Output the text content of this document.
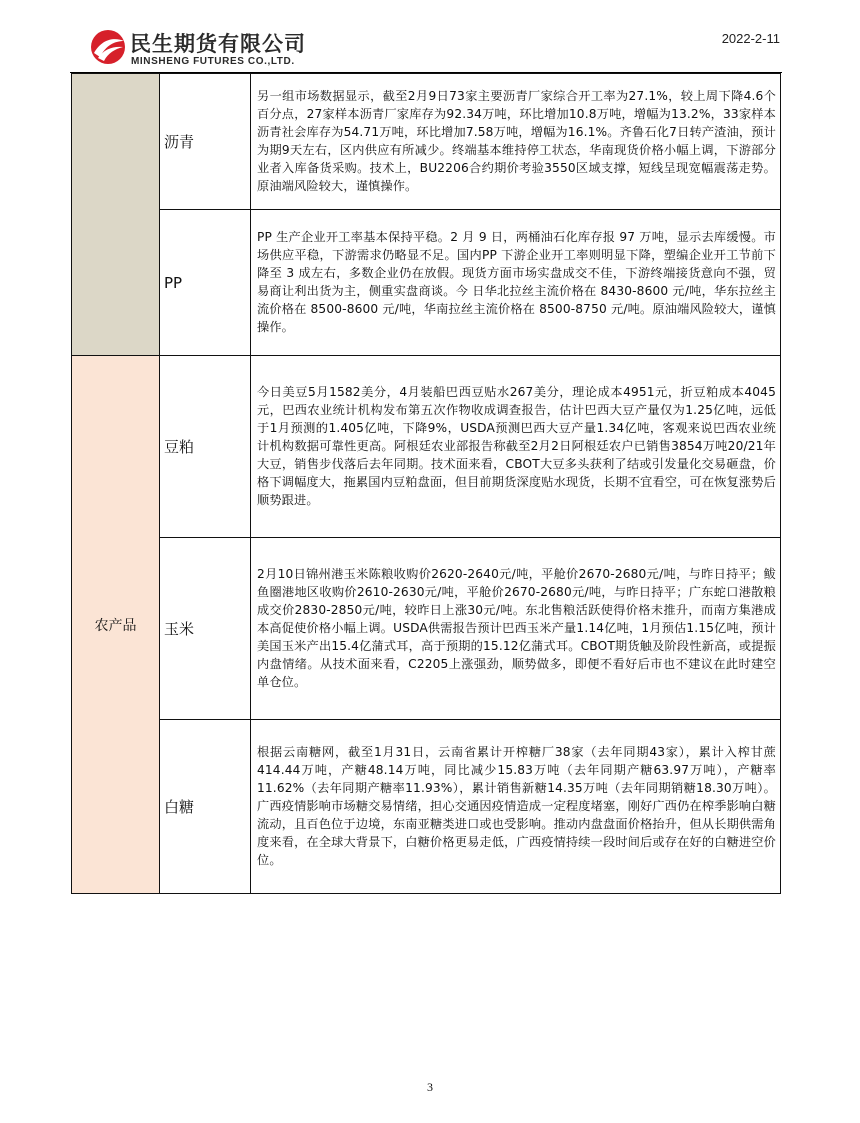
民生期货有限公司
MINSHENG FUTURES CO.,LTD.
2022-2-11
	沥青	另一组市场数据显示，截至2月9日73家主要沥青厂家综合开工率为27.1%，较上周下降4.6个百分点，27家样本沥青厂家库存为92.34万吨，环比增加10.8万吨，增幅为13.2%，33家样本沥青社会库存为54.71万吨，环比增加7.58万吨，增幅为16.1%。齐鲁石化7日转产渣油，预计为期9天左右，区内供应有所减少。终端基本维持停工状态，华南现货价格小幅上调，下游部分业者入库备货采购。技术上，BU2206合约期价考验3550区域支撑，短线呈现宽幅震荡走势。原油端风险较大，谨慎操作。
	PP	PP 生产企业开工率基本保持平稳。2 月 9 日，两桶油石化库存报 97 万吨，显示去库缓慢。市场供应平稳，下游需求仍略显不足。国内PP 下游企业开工率则明显下降，塑编企业开工节前下降至 3 成左右，多数企业仍在放假。现货方面市场实盘成交不佳，下游终端接货意向不强，贸易商让利出货为主，侧重实盘商谈。今 日华北拉丝主流价格在 8430-8600 元/吨，华东拉丝主流价格在 8500-8600 元/吨，华南拉丝主流价格在 8500-8750 元/吨。原油端风险较大，谨慎操作。
农产品	豆粕	今日美豆5月1582美分，4月装船巴西豆贴水267美分，理论成本4951元，折豆粕成本4045元，巴西农业统计机构发布第五次作物收成调查报告，估计巴西大豆产量仅为1.25亿吨，远低于1月预测的1.405亿吨，下降9%，USDA预测巴西大豆产量1.34亿吨，客观来说巴西农业统计机构数据可靠性更高。阿根廷农业部报告称截至2月2日阿根廷农户已销售3854万吨20/21年大豆，销售步伐落后去年同期。技术面来看，CBOT大豆多头获利了结或引发量化交易砸盘，价格下调幅度大，拖累国内豆粕盘面，但目前期货深度贴水现货，长期不宜看空，可在恢复涨势后顺势跟进。
	玉米	2月10日锦州港玉米陈粮收购价2620-2640元/吨，平舱价2670-2680元/吨，与昨日持平；鲅鱼圈港地区收购价2610-2630元/吨，平舱价2670-2680元/吨，与昨日持平；广东蛇口港散粮成交价2830-2850元/吨，较昨日上涨30元/吨。东北售粮活跃使得价格未推升，而南方集港成本高促使价格小幅上调。USDA供需报告预计巴西玉米产量1.14亿吨，1月预估1.15亿吨，预计美国玉米产出15.4亿蒲式耳，高于预期的15.12亿蒲式耳。CBOT期货触及阶段性新高，或提振内盘情绪。从技术面来看，C2205上涨强劲，顺势做多，即便不看好后市也不建议在此时建空单仓位。
	白糖	根据云南糖网，截至1月31日，云南省累计开榨糖厂38家（去年同期43家），累计入榨甘蔗414.44万吨，产糖48.14万吨，同比减少15.83万吨（去年同期产糖63.97万吨），产糖率11.62%（去年同期产糖率11.93%），累计销售新糖14.35万吨（去年同期销糖18.30万吨）。广西疫情影响市场糖交易情绪，担心交通因疫情造成一定程度堵塞，刚好广西仍在榨季影响白糖流动，且百色位于边境，东南亚糖类进口或也受影响。推动内盘盘面价格抬升，但从长期供需角度来看，在全球大背景下，白糖价格更易走低，广西疫情持续一段时间后或存在好的白糖进空价位。
3
